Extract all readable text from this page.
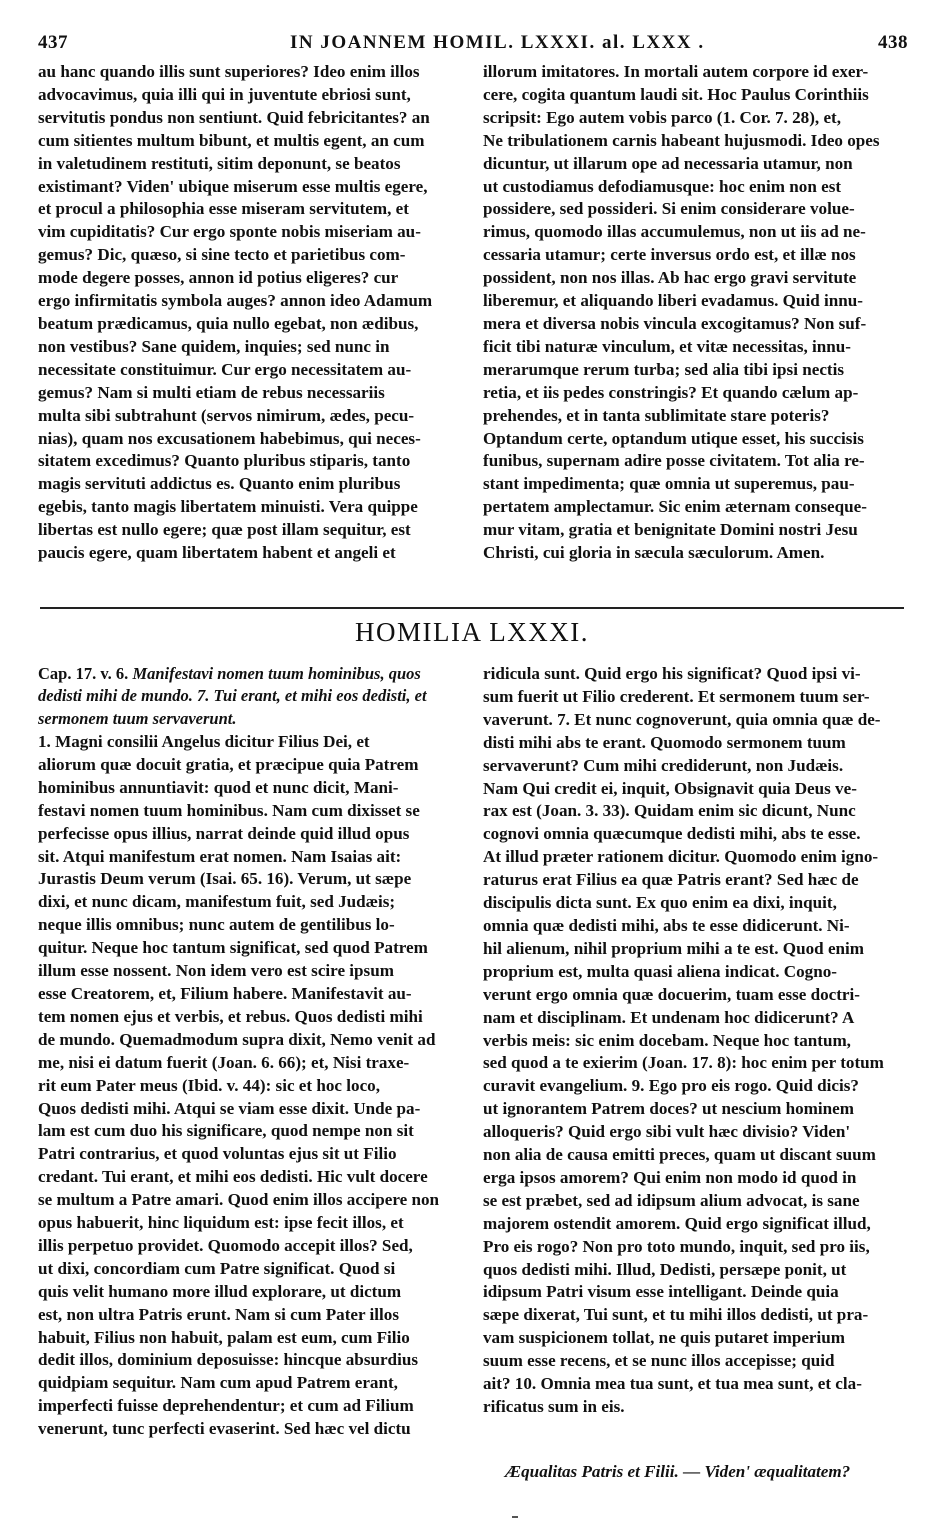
437	IN JOANNEM HOMIL. LXXXI. al. LXXX .	438
au hanc quando illis sunt superiores? Ideo enim illos
advocavimus, quia illi qui in juventute ebriosi sunt,
servitutis pondus non sentiunt. Quid febricitantes? an
cum sitientes multum bibunt, et multis egent, an cum
in valetudinem restituti, sitim deponunt, se beatos
existimant? Viden' ubique miserum esse multis egere,
et procul a philosophia esse miseram servitutem, et
vim cupiditatis? Cur ergo sponte nobis miseriam au-
gemus? Dic, quæso, si sine tecto et parietibus com-
mode degere posses, annon id potius eligeres? cur
ergo infirmitatis symbola auges? annon ideo Adamum
beatum prædicamus, quia nullo egebat, non ædibus,
non vestibus? Sane quidem, inquies; sed nunc in
necessitate constituimur. Cur ergo necessitatem au-
gemus? Nam si multi etiam de rebus necessariis
multa sibi subtrahunt (servos nimirum, ædes, pecu-
nias), quam nos excusationem habebimus, qui neces-
sitatem excedimus? Quanto pluribus stiparis, tanto
magis servituti addictus es. Quanto enim pluribus
egebis, tanto magis libertatem minuisti. Vera quippe
libertas est nullo egere; quæ post illam sequitur, est
paucis egere, quam libertatem habent et angeli et
illorum imitatores. In mortali autem corpore id exer-
cere, cogita quantum laudi sit. Hoc Paulus Corinthiis
scripsit: Ego autem vobis parco (1. Cor. 7. 28), et,
Ne tribulationem carnis habeant hujusmodi. Ideo opes
dicuntur, ut illarum ope ad necessaria utamur, non
ut custodiamus defodiamusque: hoc enim non est
possidere, sed possideri. Si enim considerare volue-
rimus, quomodo illas accumulemus, non ut iis ad ne-
cessaria utamur; certe inversus ordo est, et illæ nos
possident, non nos illas. Ab hac ergo gravi servitute
liberemur, et aliquando liberi evadamus. Quid innu-
mera et diversa nobis vincula excogitamus? Non suf-
ficit tibi naturæ vinculum, et vitæ necessitas, innu-
merarumque rerum turba; sed alia tibi ipsi nectis
retia, et iis pedes constringis? Et quando cælum ap-
prehendes, et in tanta sublimitate stare poteris?
Optandum certe, optandum utique esset, his succisis
funibus, supernam adire posse civitatem. Tot alia re-
stant impedimenta; quæ omnia ut superemus, pau-
pertatem amplectamur. Sic enim æternam conseque-
mur vitam, gratia et benignitate Domini nostri Jesu
Christi, cui gloria in sæcula sæculorum. Amen.
HOMILIA LXXXI.
Cap. 17. v. 6. Manifestavi nomen tuum hominibus, quos dedisti mihi de mundo. 7. Tui erant, et mihi eos dedisti, et sermonem tuum servaverunt.
1. Magni consilii Angelus dicitur Filius Dei, et
aliorum quæ docuit gratia, et præcipue quia Patrem
hominibus annuntiavit: quod et nunc dicit, Mani-
festavi nomen tuum hominibus. Nam cum dixisset se
perfecisse opus illius, narrat deinde quid illud opus
sit. Atqui manifestum erat nomen. Nam Isaias ait:
Jurastis Deum verum (Isai. 65. 16). Verum, ut sæpe
dixi, et nunc dicam, manifestum fuit, sed Judæis;
neque illis omnibus; nunc autem de gentilibus lo-
quitur. Neque hoc tantum significat, sed quod Patrem
illum esse nossent. Non idem vero est scire ipsum
esse Creatorem, et, Filium habere. Manifestavit au-
tem nomen ejus et verbis, et rebus. Quos dedisti mihi
de mundo. Quemadmodum supra dixit, Nemo venit ad
me, nisi ei datum fuerit (Joan. 6. 66); et, Nisi traxe-
rit eum Pater meus (Ibid. v. 44): sic et hoc loco,
Quos dedisti mihi. Atqui se viam esse dixit. Unde pa-
lam est cum duo his significare, quod nempe non sit
Patri contrarius, et quod voluntas ejus sit ut Filio
credant. Tui erant, et mihi eos dedisti. Hic vult docere
se multum a Patre amari. Quod enim illos accipere non
opus habuerit, hinc liquidum est: ipse fecit illos, et
illis perpetuo providet. Quomodo accepit illos? Sed,
ut dixi, concordiam cum Patre significat. Quod si
quis velit humano more illud explorare, ut dictum
est, non ultra Patris erunt. Nam si cum Pater illos
habuit, Filius non habuit, palam est eum, cum Filio
dedit illos, dominium deposuisse: hincque absurdius
quidpiam sequitur. Nam cum apud Patrem erant,
imperfecti fuisse deprehendentur; et cum ad Filium
venerunt, tunc perfecti evaserint. Sed hæc vel dictu
ridicula sunt. Quid ergo his significat? Quod ipsi vi-
sum fuerit ut Filio crederent. Et sermonem tuum ser-
vaverunt. 7. Et nunc cognoverunt, quia omnia quæ de-
disti mihi abs te erant. Quomodo sermonem tuum
servaverunt? Cum mihi crediderunt, non Judæis.
Nam Qui credit ei, inquit, Obsignavit quia Deus ve-
rax est (Joan. 3. 33). Quidam enim sic dicunt, Nunc
cognovi omnia quæcumque dedisti mihi, abs te esse.
At illud præter rationem dicitur. Quomodo enim igno-
raturus erat Filius ea quæ Patris erant? Sed hæc de
discipulis dicta sunt. Ex quo enim ea dixi, inquit,
omnia quæ dedisti mihi, abs te esse didicerunt. Ni-
hil alienum, nihil proprium mihi a te est. Quod enim
proprium est, multa quasi aliena indicat. Cogno-
verunt ergo omnia quæ docuerim, tuam esse doctri-
nam et disciplinam. Et undenam hoc didicerunt? A
verbis meis: sic enim docebam. Neque hoc tantum,
sed quod a te exierim (Joan. 17. 8): hoc enim per totum
curavit evangelium. 9. Ego pro eis rogo. Quid dicis?
ut ignorantem Patrem doces? ut nescium hominem
alloqueris? Quid ergo sibi vult hæc divisio? Viden'
non alia de causa emitti preces, quam ut discant suum
erga ipsos amorem? Qui enim non modo id quod in
se est præbet, sed ad idipsum alium advocat, is sane
majorem ostendit amorem. Quid ergo significat illud,
Pro eis rogo? Non pro toto mundo, inquit, sed pro iis,
quos dedisti mihi. Illud, Dedisti, persæpe ponit, ut
idipsum Patri visum esse intelligant. Deinde quia
sæpe dixerat, Tui sunt, et tu mihi illos dedisti, ut pra-
vam suspicionem tollat, ne quis putaret imperium
suum esse recens, et se nunc illos accepisse; quid
ait? 10. Omnia mea tua sunt, et tua mea sunt, et cla-
rificatus sum in eis.
Æqualitas Patris et Filii. — Viden' æqualitatem?
